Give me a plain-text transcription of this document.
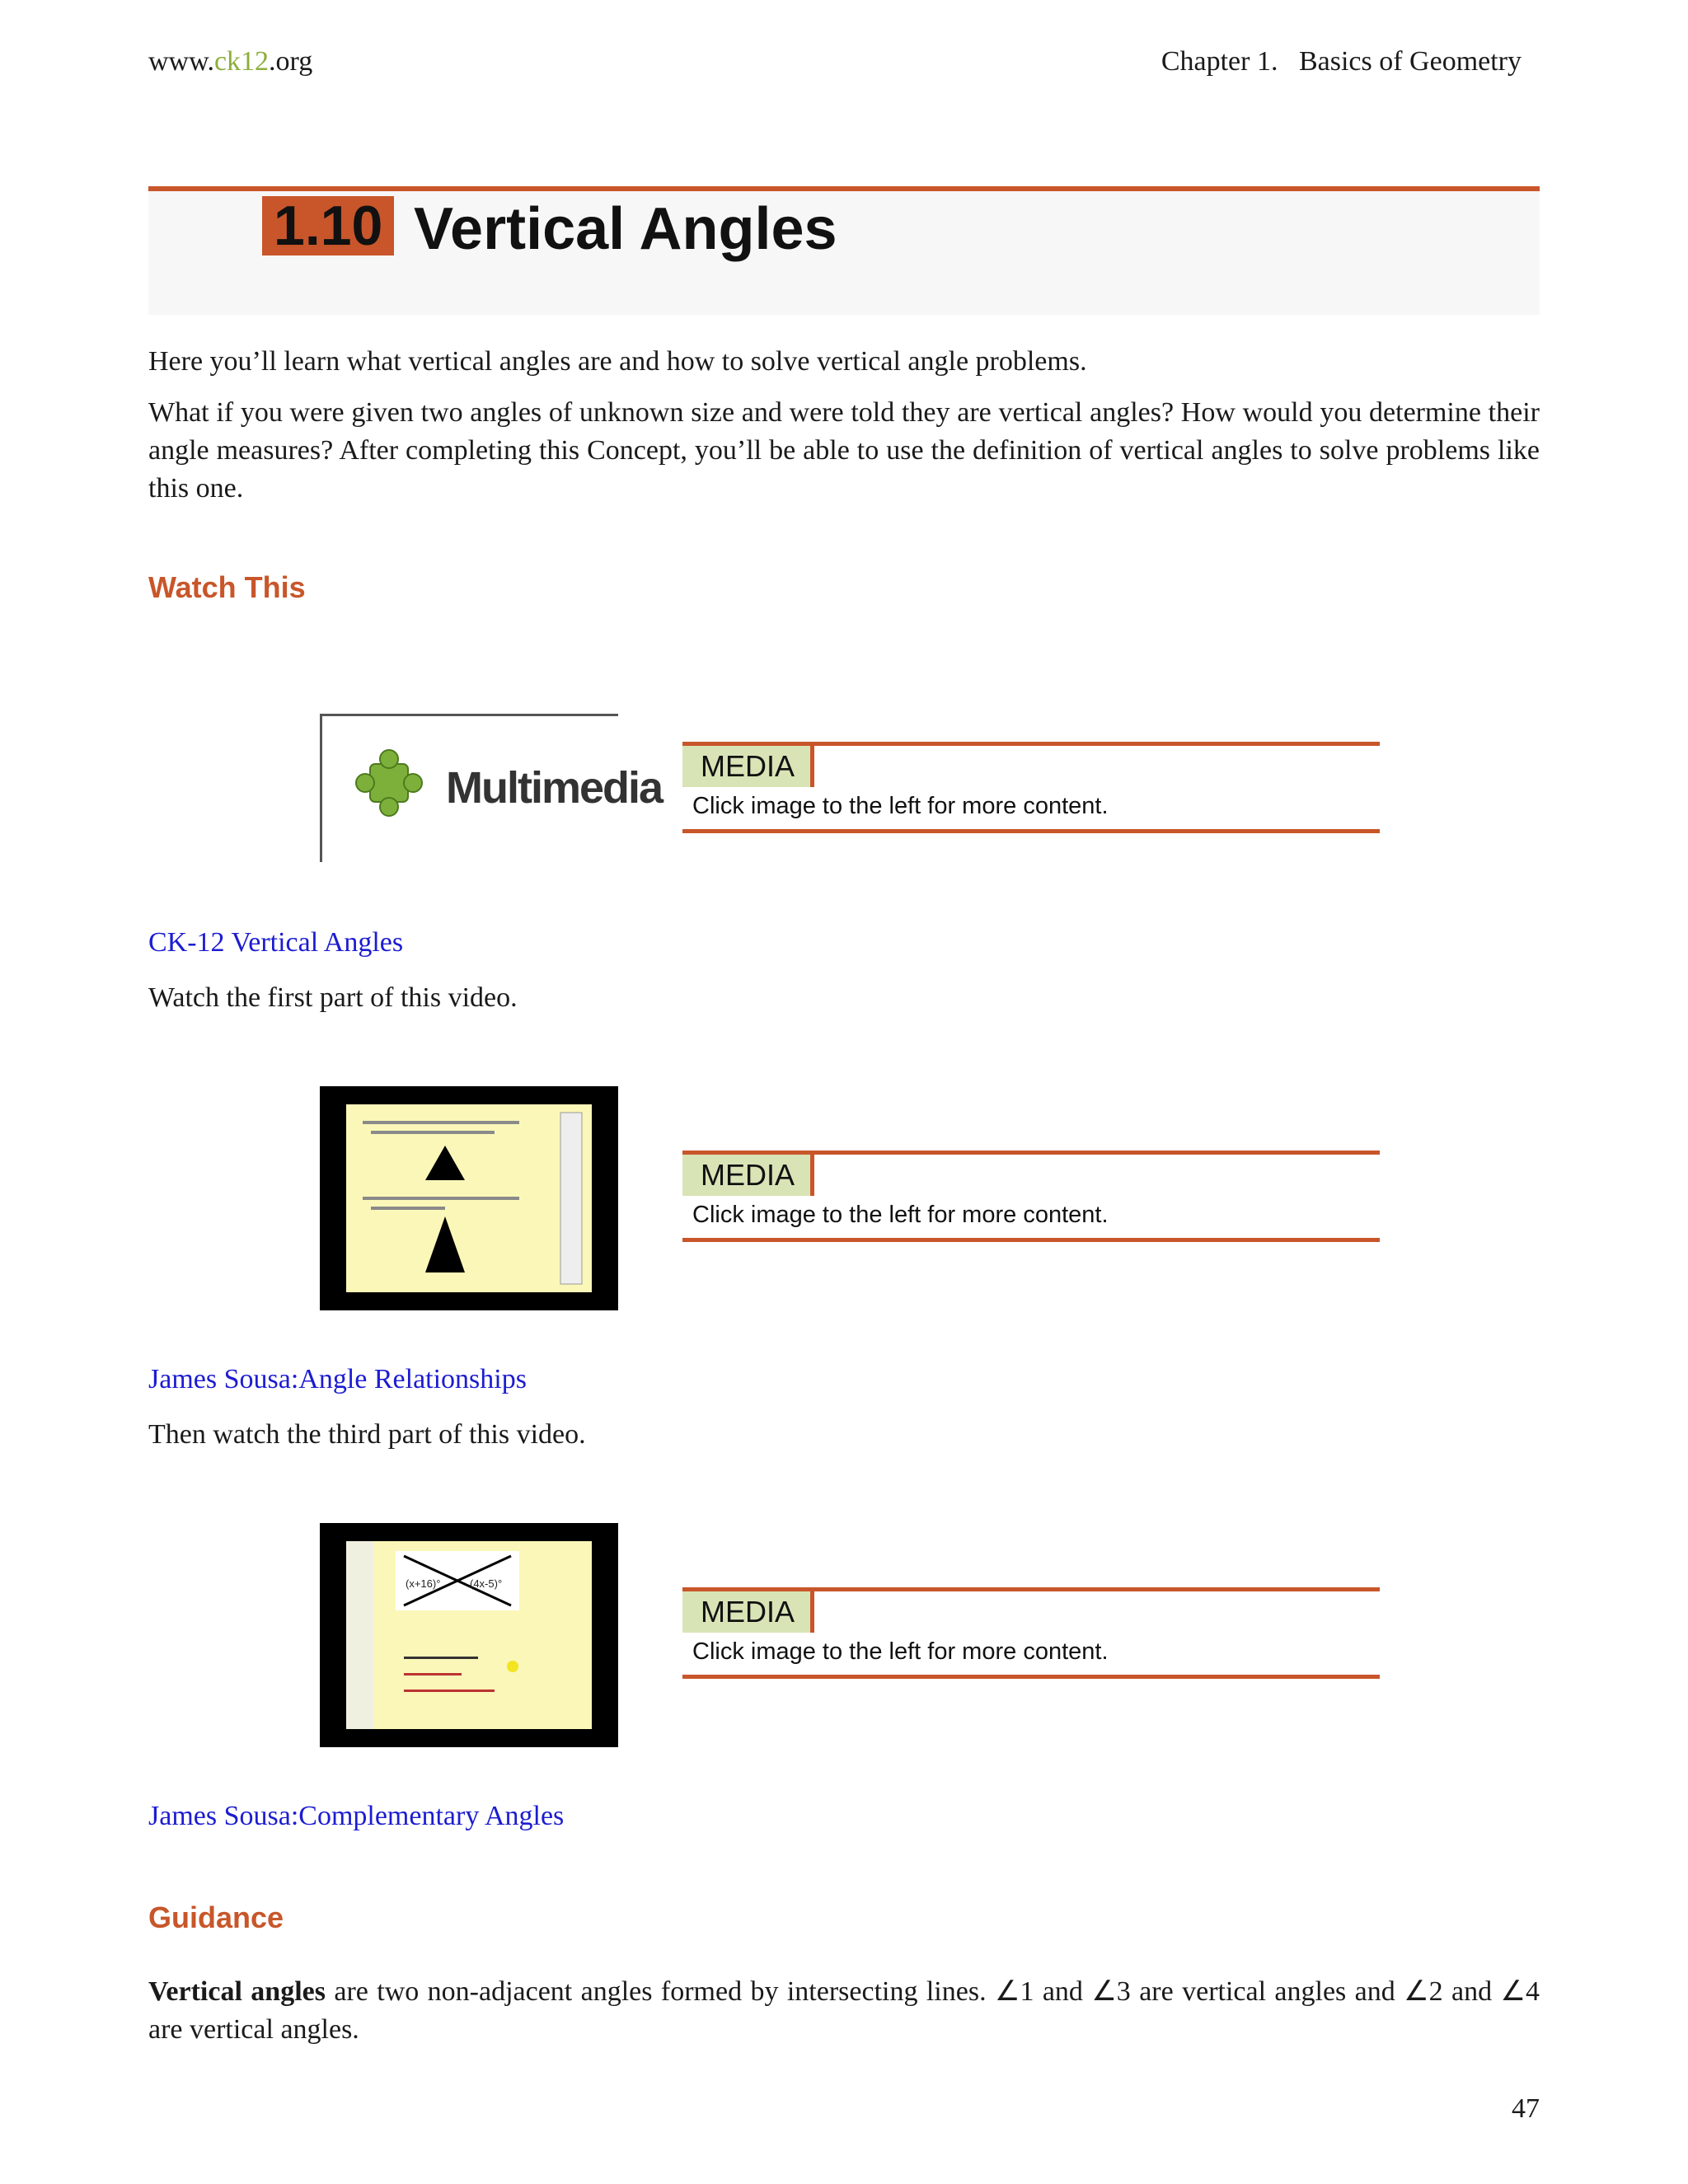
www.ck12.org	Chapter 1. Basics of Geometry
1.10 Vertical Angles
Here you’ll learn what vertical angles are and how to solve vertical angle problems.
What if you were given two angles of unknown size and were told they are vertical angles? How would you determine their angle measures? After completing this Concept, you’ll be able to use the definition of vertical angles to solve problems like this one.
Watch This
Multimedia	MEDIA
Click image to the left for more content.
CK-12 Vertical Angles
Watch the first part of this video.
MEDIA
Click image to the left for more content.
James Sousa:Angle Relationships
Then watch the third part of this video.
(x+16)°	(4x-5)°
MEDIA
Click image to the left for more content.
James Sousa:Complementary Angles
Guidance
Vertical angles are two non-adjacent angles formed by intersecting lines. ∠1 and ∠3 are vertical angles and ∠2 and ∠4 are vertical angles.
47
